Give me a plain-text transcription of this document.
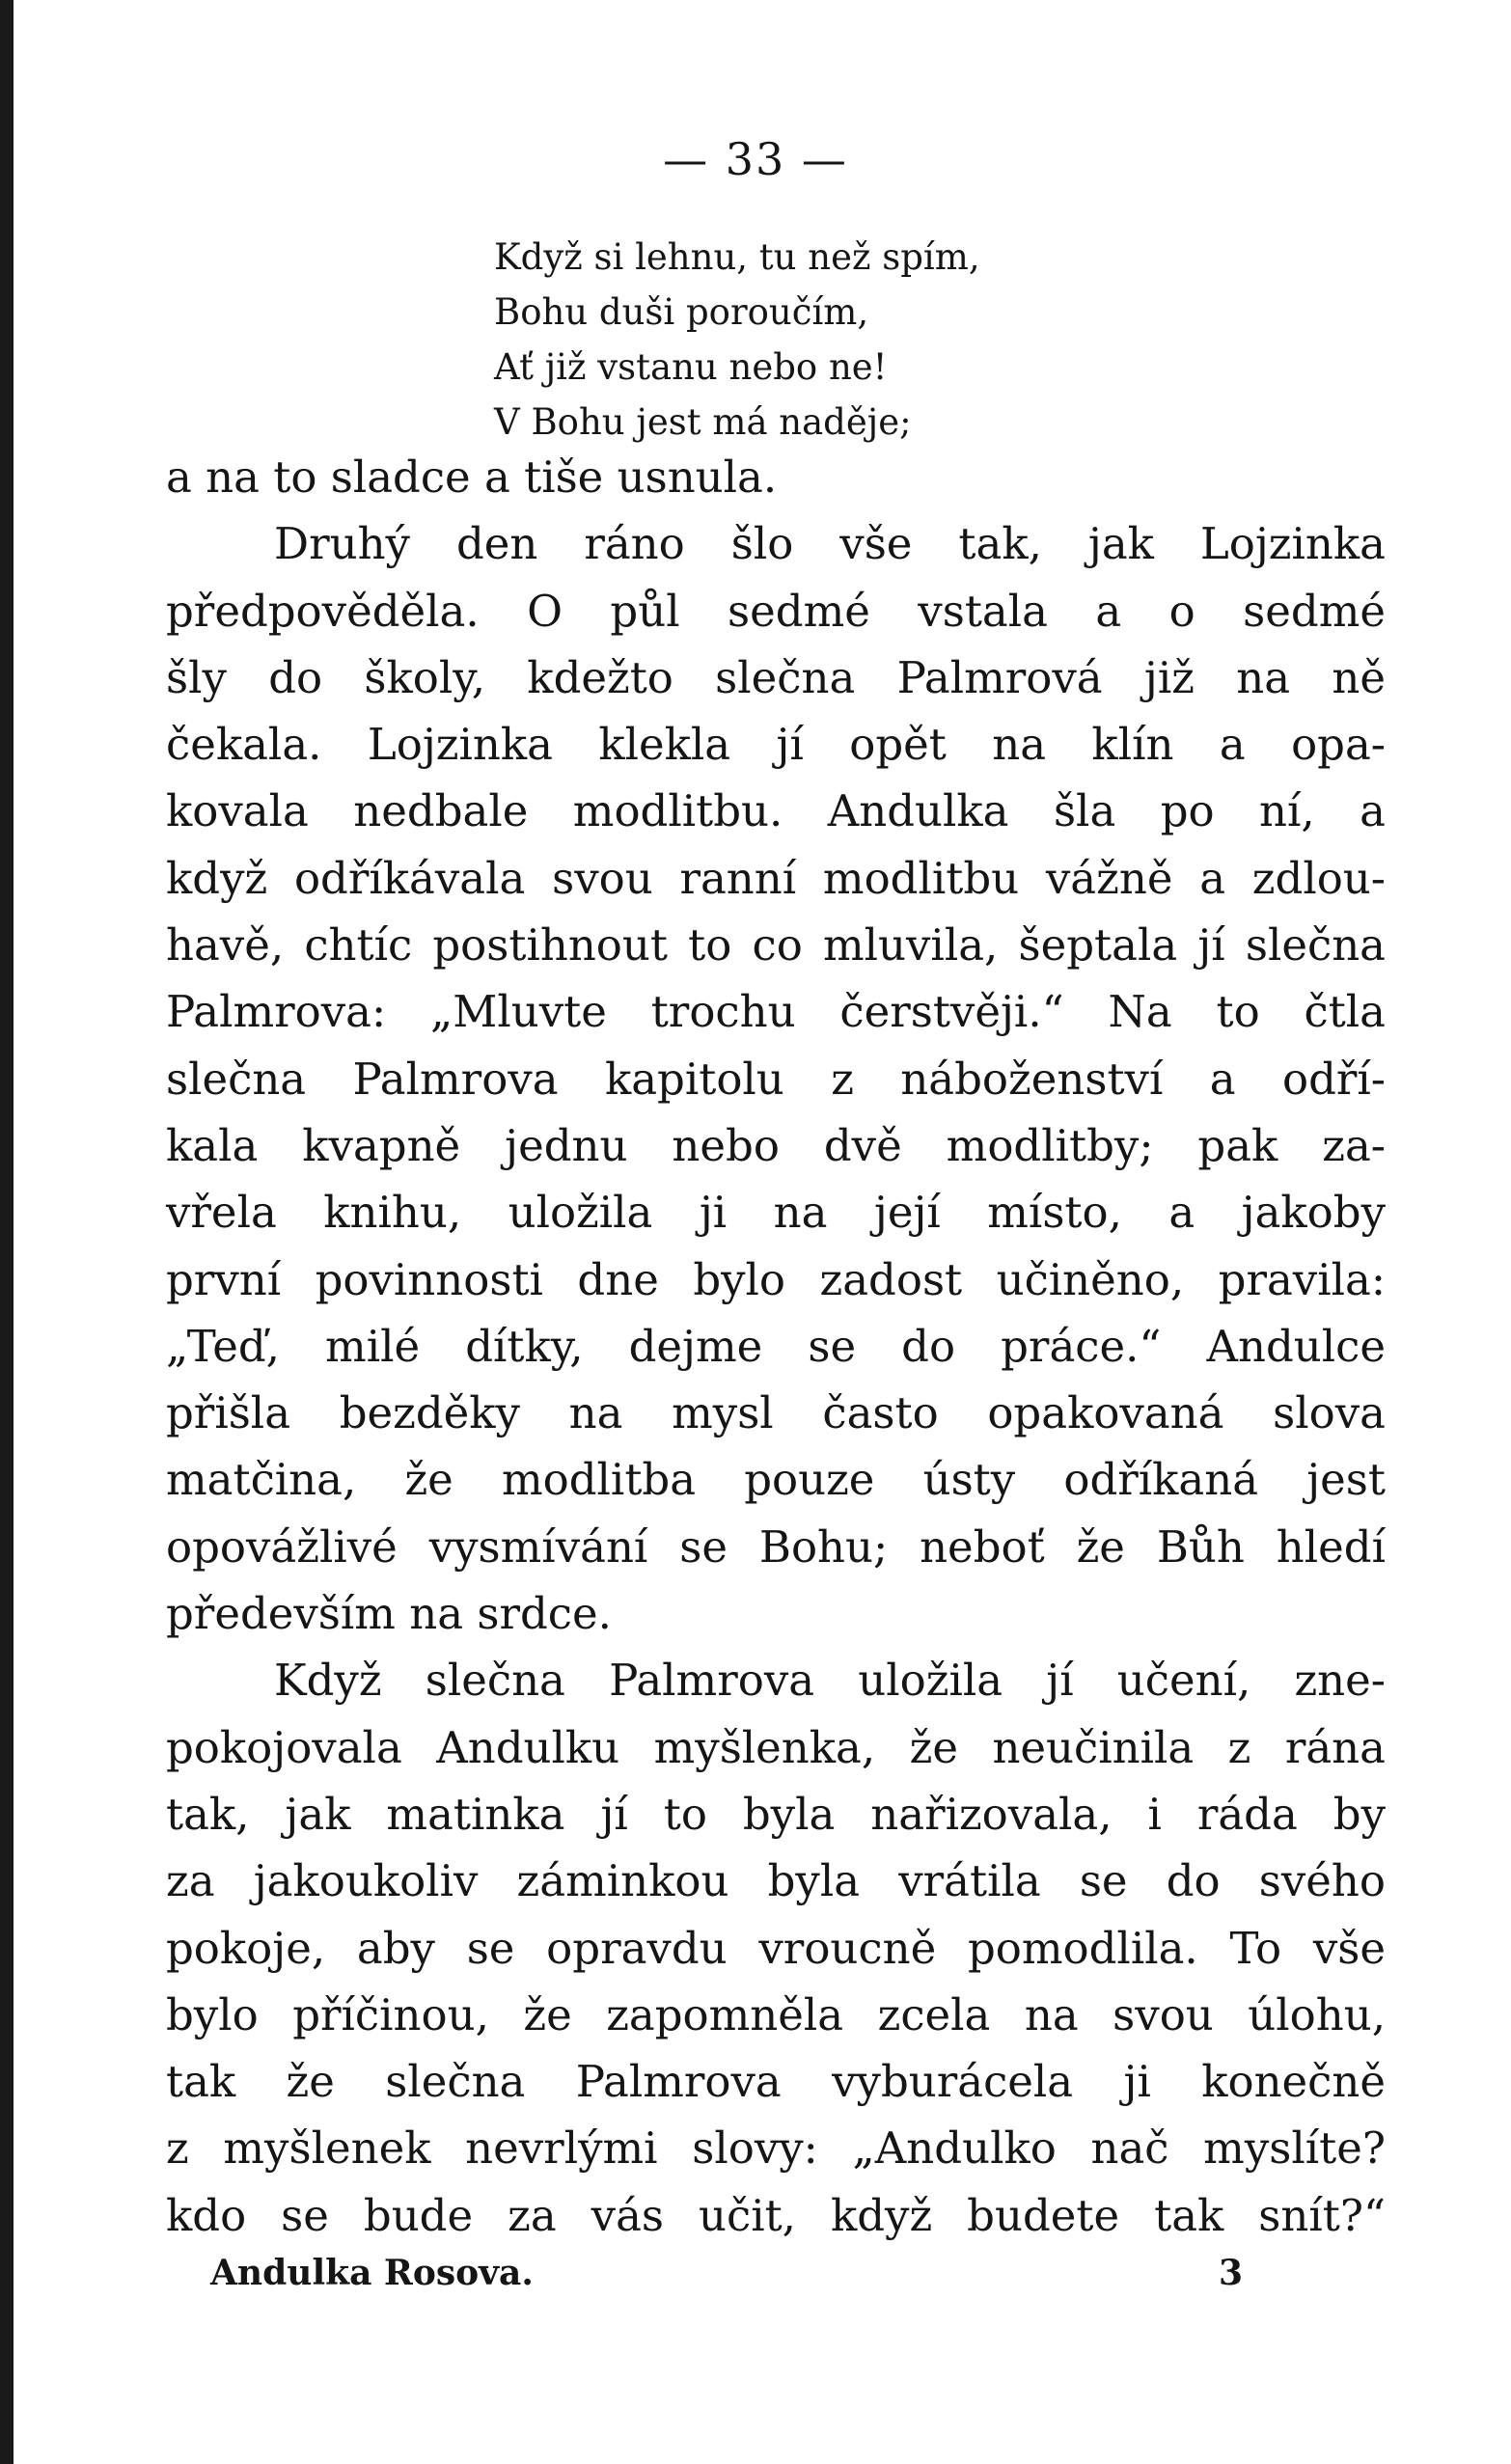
— 33 —
Když si lehnu, tu než spím,
Bohu duši poroučím,
Ať již vstanu nebo ne!
V Bohu jest má naděje;
a na to sladce a tiše usnula.
Druhý den ráno šlo vše tak, jak Lojzinka
předpověděla. O půl sedmé vstala a o sedmé
šly do školy, kdežto slečna Palmrová již na ně
čekala. Lojzinka klekla jí opět na klín a opa-
kovala nedbale modlitbu. Andulka šla po ní, a
když odříkávala svou ranní modlitbu vážně a zdlou-
havě, chtíc postihnout to co mluvila, šeptala jí slečna
Palmrova: „Mluvte trochu čerstvěji.“ Na to čtla
slečna Palmrova kapitolu z náboženství a odří-
kala kvapně jednu nebo dvě modlitby; pak za-
vřela knihu, uložila ji na její místo, a jakoby
první povinnosti dne bylo zadost učiněno, pravila:
„Teď, milé dítky, dejme se do práce.“ Andulce
přišla bezděky na mysl často opakovaná slova
matčina, že modlitba pouze ústy odříkaná jest
opovážlivé vysmívání se Bohu; neboť že Bůh hledí
především na srdce.
Když slečna Palmrova uložila jí učení, zne-
pokojovala Andulku myšlenka, že neučinila z rána
tak, jak matinka jí to byla nařizovala, i ráda by
za jakoukoliv záminkou byla vrátila se do svého
pokoje, aby se opravdu vroucně pomodlila. To vše
bylo příčinou, že zapomněla zcela na svou úlohu,
tak že slečna Palmrova vyburácela ji konečně
z myšlenek nevrlými slovy: „Andulko nač myslíte?
kdo se bude za vás učit, když budete tak snít?“
Andulka Rosova.	3
